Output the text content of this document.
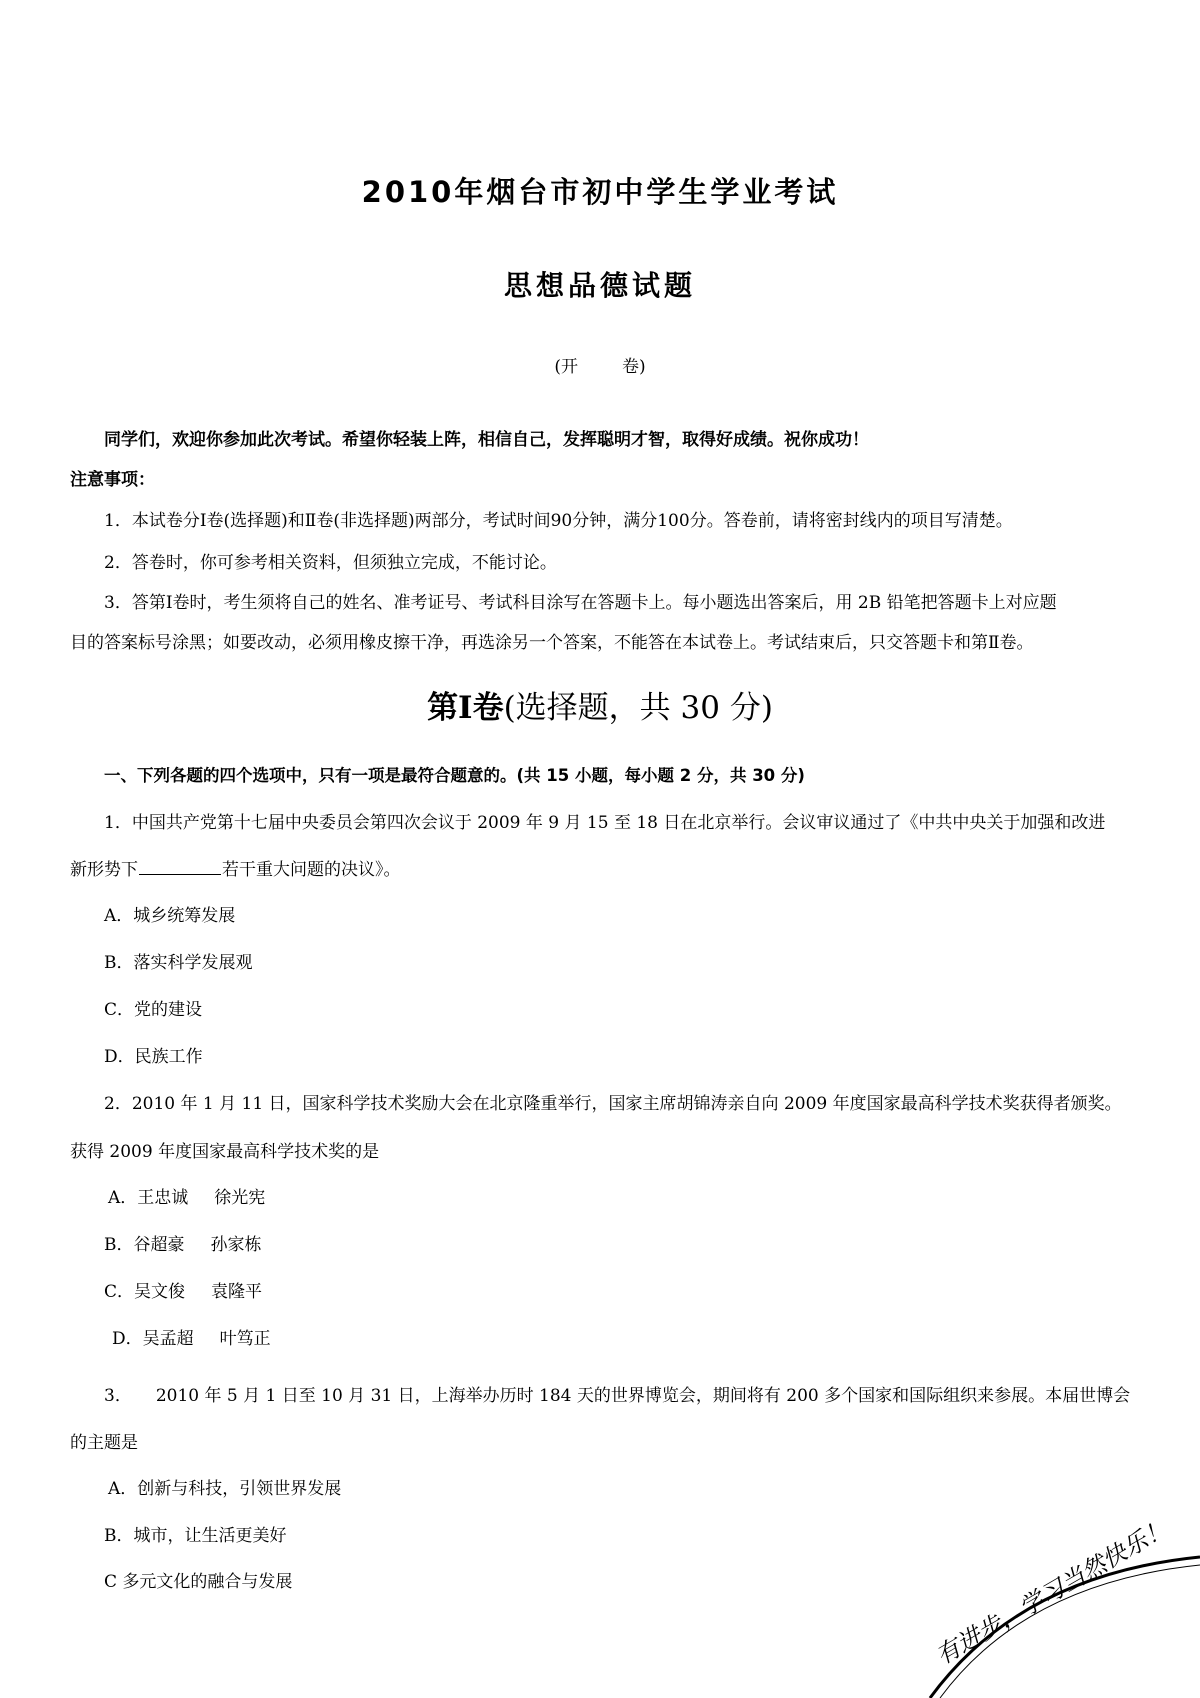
2010年烟台市初中学生学业考试
思想品德试题
(开	卷)
同学们，欢迎你参加此次考试。希望你轻装上阵，相信自己，发挥聪明才智，取得好成绩。祝你成功！
注意事项：
1．本试卷分Ⅰ卷(选择题)和Ⅱ卷(非选择题)两部分，考试时间90分钟，满分100分。答卷前，请将密封线内的项目写清楚。
2．答卷时，你可参考相关资料，但须独立完成，不能讨论。
3．答第Ⅰ卷时，考生须将自己的姓名、准考证号、考试科目涂写在答题卡上。每小题选出答案后，用 2B 铅笔把答题卡上对应题
目的答案标号涂黑；如要改动，必须用橡皮擦干净，再选涂另一个答案，不能答在本试卷上。考试结束后，只交答题卡和第Ⅱ卷。
第Ⅰ卷(选择题，共 30 分)
一、下列各题的四个选项中，只有一项是最符合题意的。(共 15 小题，每小题 2 分，共 30 分)
1．中国共产党第十七届中央委员会第四次会议于 2009 年 9 月 15 至 18 日在北京举行。会议审议通过了《中共中央关于加强和改进
新形势下	若干重大问题的决议》。
A．城乡统筹发展
B．落实科学发展观
C．党的建设
D．民族工作
2．2010 年 1 月 11 日，国家科学技术奖励大会在北京隆重举行，国家主席胡锦涛亲自向 2009 年度国家最高科学技术奖获得者颁奖。
获得 2009 年度国家最高科学技术奖的是
A．王忠诚 徐光宪
B．谷超豪 孙家栋
C．吴文俊 袁隆平
D．吴孟超 叶笃正
3． 2010 年 5 月 1 日至 10 月 31 日，上海举办历时 184 天的世界博览会，期间将有 200 多个国家和国际组织来参展。本届世博会
的主题是
A．创新与科技，引领世界发展
B．城市，让生活更美好
C 多元文化的融合与发展	有进步，学习当然快乐！
